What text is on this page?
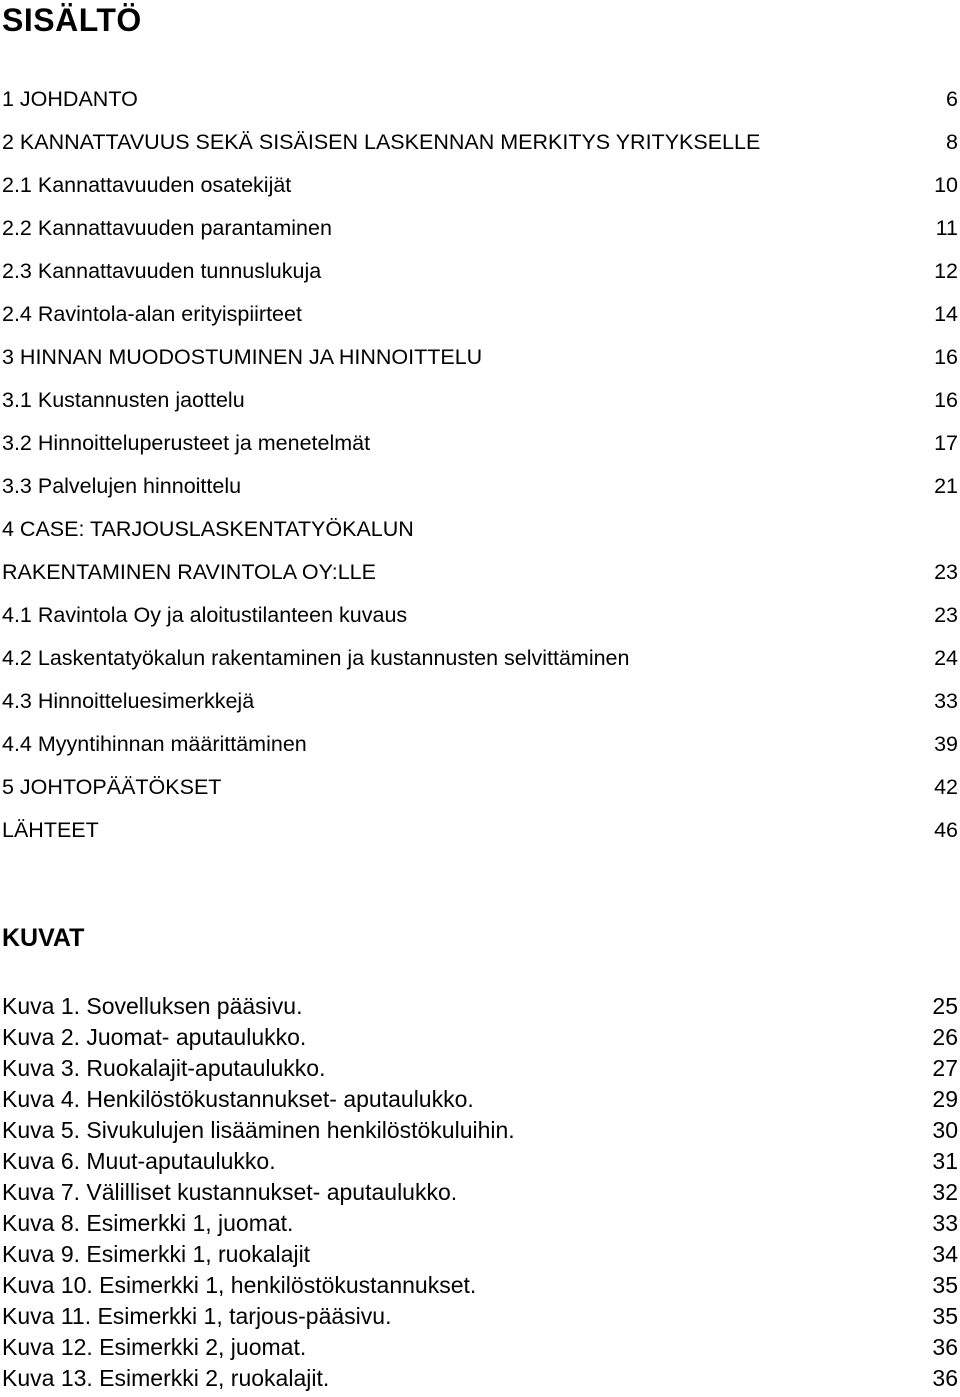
SISÄLTÖ
1 JOHDANTO	6
2 KANNATTAVUUS SEKÄ SISÄISEN LASKENNAN MERKITYS YRITYKSELLE	8
2.1 Kannattavuuden osatekijät	10
2.2 Kannattavuuden parantaminen	11
2.3 Kannattavuuden tunnuslukuja	12
2.4 Ravintola-alan erityispiirteet	14
3 HINNAN MUODOSTUMINEN JA HINNOITTELU	16
3.1 Kustannusten jaottelu	16
3.2 Hinnoitteluperusteet ja menetelmät	17
3.3 Palvelujen hinnoittelu	21
4 CASE: TARJOUSLASKENTATYÖKALUN
RAKENTAMINEN RAVINTOLA OY:LLE	23
4.1 Ravintola Oy ja aloitustilanteen kuvaus	23
4.2 Laskentatyökalun rakentaminen ja kustannusten selvittäminen	24
4.3 Hinnoitteluesimerkkejä	33
4.4 Myyntihinnan määrittäminen	39
5 JOHTOPÄÄTÖKSET	42
LÄHTEET	46
KUVAT
Kuva 1. Sovelluksen pääsivu.	25
Kuva 2. Juomat- aputaulukko.	26
Kuva 3. Ruokalajit-aputaulukko.	27
Kuva 4. Henkilöstökustannukset- aputaulukko.	29
Kuva 5. Sivukulujen lisääminen henkilöstökuluihin.	30
Kuva 6. Muut-aputaulukko.	31
Kuva 7. Välilliset kustannukset- aputaulukko.	32
Kuva 8. Esimerkki 1, juomat.	33
Kuva 9. Esimerkki 1, ruokalajit	34
Kuva 10. Esimerkki 1, henkilöstökustannukset.	35
Kuva 11. Esimerkki 1, tarjous-pääsivu.	35
Kuva 12. Esimerkki 2, juomat.	36
Kuva 13. Esimerkki 2, ruokalajit.	36
